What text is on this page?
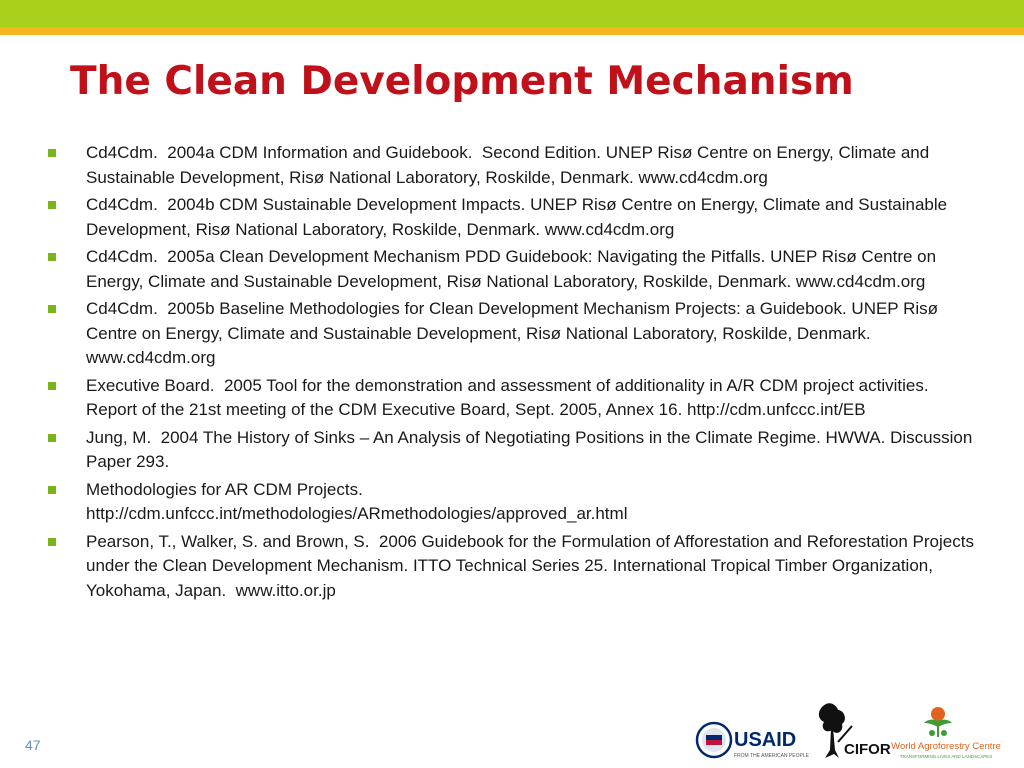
The Clean Development Mechanism
Cd4Cdm.  2004a CDM Information and Guidebook.  Second Edition. UNEP Risø Centre on Energy, Climate and Sustainable Development, Risø National Laboratory, Roskilde, Denmark. www.cd4cdm.org
Cd4Cdm.  2004b CDM Sustainable Development Impacts. UNEP Risø Centre on Energy, Climate and Sustainable Development, Risø National Laboratory, Roskilde, Denmark. www.cd4cdm.org
Cd4Cdm.  2005a Clean Development Mechanism PDD Guidebook: Navigating the Pitfalls. UNEP Risø Centre on Energy, Climate and Sustainable Development, Risø National Laboratory, Roskilde, Denmark. www.cd4cdm.org
Cd4Cdm.  2005b Baseline Methodologies for Clean Development Mechanism Projects: a Guidebook. UNEP Risø Centre on Energy, Climate and Sustainable Development, Risø National Laboratory, Roskilde, Denmark. www.cd4cdm.org
Executive Board.  2005 Tool for the demonstration and assessment of additionality in A/R CDM project activities. Report of the 21st meeting of the CDM Executive Board, Sept. 2005, Annex 16. http://cdm.unfccc.int/EB
Jung, M.  2004 The History of Sinks – An Analysis of Negotiating Positions in the Climate Regime. HWWA. Discussion Paper 293.
Methodologies for AR CDM Projects.
http://cdm.unfccc.int/methodologies/ARmethodologies/approved_ar.html
Pearson, T., Walker, S. and Brown, S.  2006 Guidebook for the Formulation of Afforestation and Reforestation Projects under the Clean Development Mechanism. ITTO Technical Series 25. International Tropical Timber Organization, Yokohama, Japan.  www.itto.or.jp
47	USAID
FROM THE AMERICAN PEOPLE CIFOR World Agroforestry Centre
TRANSFORMING LIVES AND LANDSCAPES
